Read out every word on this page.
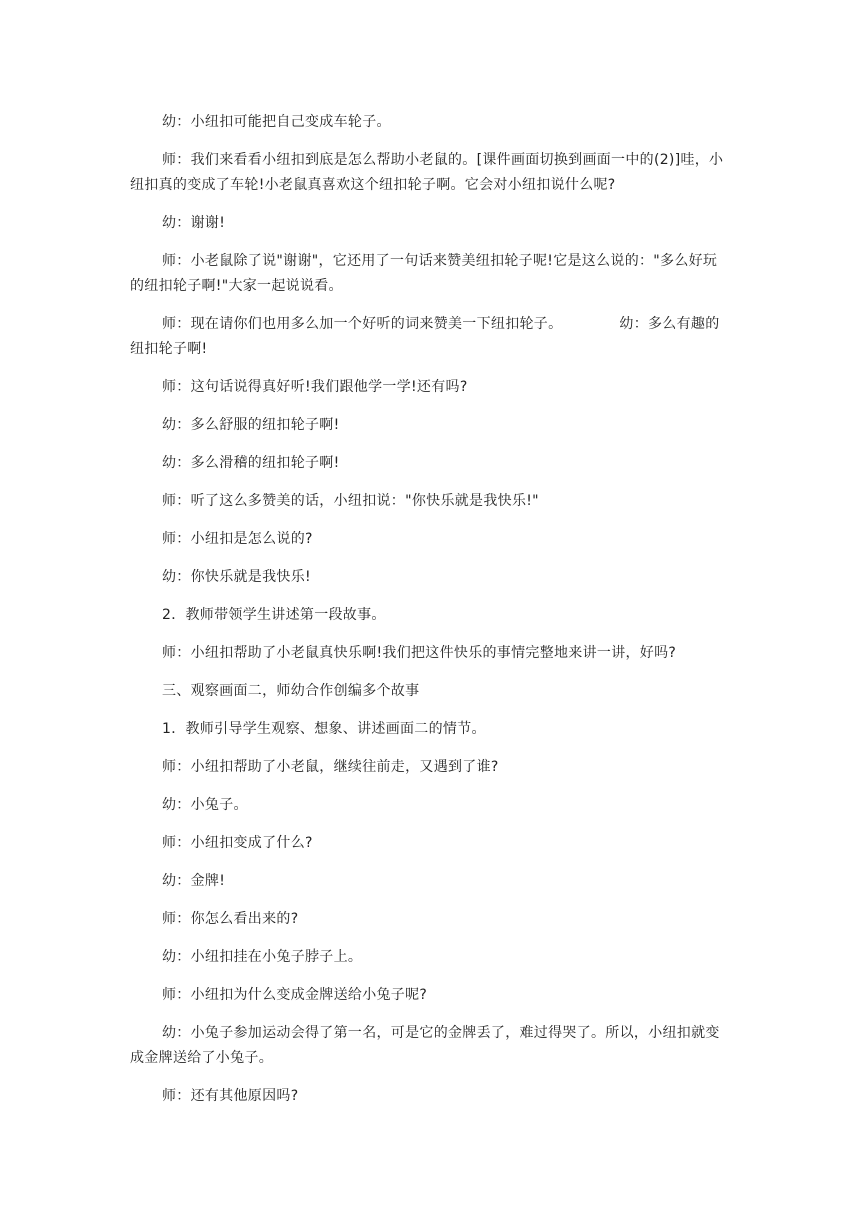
幼：小纽扣可能把自己变成车轮子。

师：我们来看看小纽扣到底是怎么帮助小老鼠的。[课件画面切换到画面一中的(2)]哇，小纽扣真的变成了车轮!小老鼠真喜欢这个纽扣轮子啊。它会对小纽扣说什么呢?

幼：谢谢!

师：小老鼠除了说"谢谢"，它还用了一句话来赞美纽扣轮子呢!它是这么说的："多么好玩的纽扣轮子啊!"大家一起说说看。

师：现在请你们也用多么加一个好听的词来赞美一下纽扣轮子。            幼：多么有趣的纽扣轮子啊!

师：这句话说得真好听!我们跟他学一学!还有吗?

幼：多么舒服的纽扣轮子啊!

幼：多么滑稽的纽扣轮子啊!

师：听了这么多赞美的话，小纽扣说："你快乐就是我快乐!"

师：小纽扣是怎么说的?

幼：你快乐就是我快乐!

2．教师带领学生讲述第一段故事。

师：小纽扣帮助了小老鼠真快乐啊!我们把这件快乐的事情完整地来讲一讲，好吗?

三、观察画面二，师幼合作创编多个故事

1．教师引导学生观察、想象、讲述画面二的情节。

师：小纽扣帮助了小老鼠，继续往前走，又遇到了谁?

幼：小兔子。

师：小纽扣变成了什么?

幼：金牌!

师：你怎么看出来的?

幼：小纽扣挂在小兔子脖子上。

师：小纽扣为什么变成金牌送给小兔子呢?

幼：小兔子参加运动会得了第一名，可是它的金牌丢了，难过得哭了。所以，小纽扣就变成金牌送给了小兔子。

师：还有其他原因吗?
